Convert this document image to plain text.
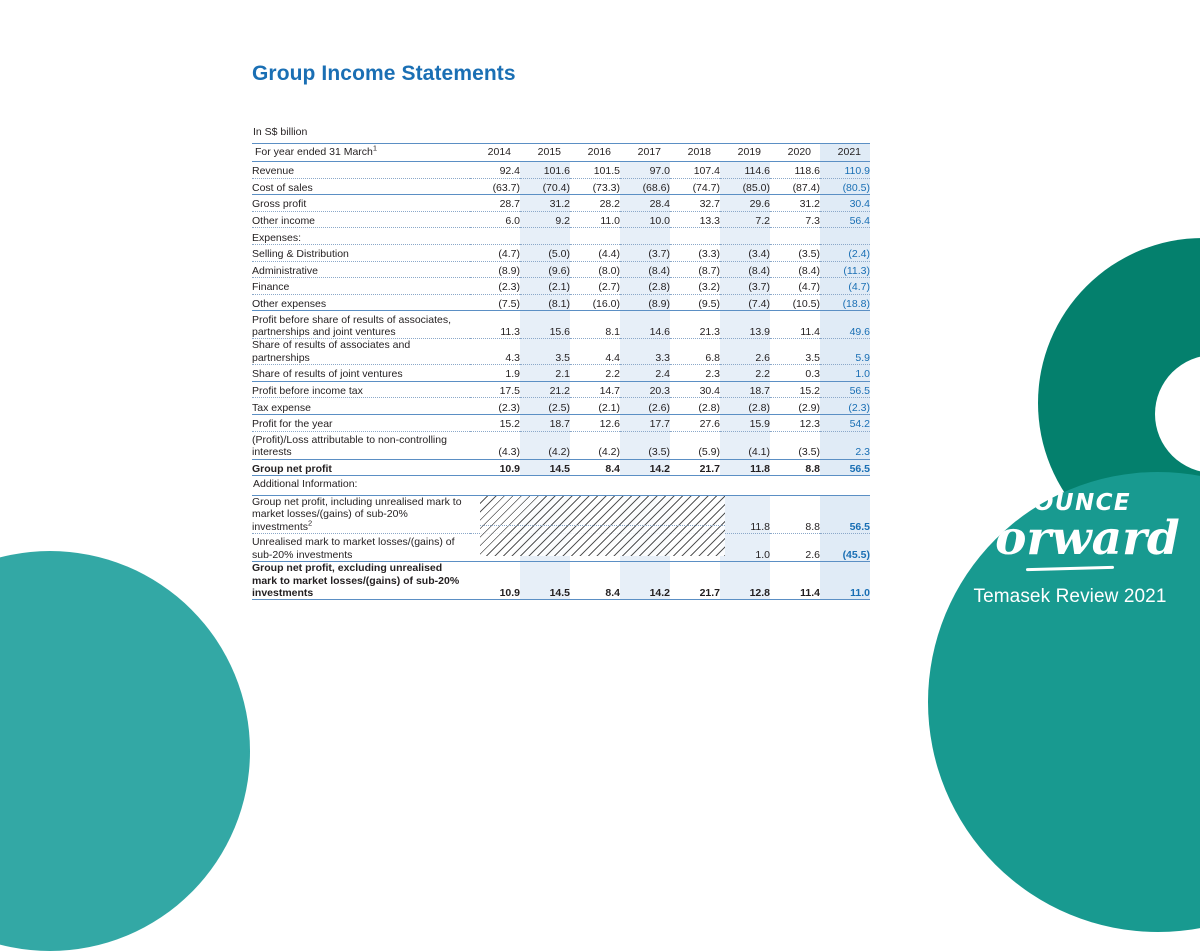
BOUNCE
Forward
Temasek Review 2021
Group Income Statements
In S$ billion
For year ended 31 March$^1$	2014	2015	2016	2017	2018	2019	2020	2021
Revenue	92.4	101.6	101.5	97.0	107.4	114.6	118.6	110.9
Cost of sales	(63.7)	(70.4)	(73.3)	(68.6)	(74.7)	(85.0)	(87.4)	(80.5)
Gross profit	28.7	31.2	28.2	28.4	32.7	29.6	31.2	30.4
Other income	6.0	9.2	11.0	10.0	13.3	7.2	7.3	56.4
Expenses:								
Selling & Distribution	(4.7)	(5.0)	(4.4)	(3.7)	(3.3)	(3.4)	(3.5)	(2.4)
Administrative	(8.9)	(9.6)	(8.0)	(8.4)	(8.7)	(8.4)	(8.4)	(11.3)
Finance	(2.3)	(2.1)	(2.7)	(2.8)	(3.2)	(3.7)	(4.7)	(4.7)
Other expenses	(7.5)	(8.1)	(16.0)	(8.9)	(9.5)	(7.4)	(10.5)	(18.8)
Profit before share of results of associates, partnerships and joint ventures	11.3	15.6	8.1	14.6	21.3	13.9	11.4	49.6
Share of results of associates and partnerships	4.3	3.5	4.4	3.3	6.8	2.6	3.5	5.9
Share of results of joint ventures	1.9	2.1	2.2	2.4	2.3	2.2	0.3	1.0
Profit before income tax	17.5	21.2	14.7	20.3	30.4	18.7	15.2	56.5
Tax expense	(2.3)	(2.5)	(2.1)	(2.6)	(2.8)	(2.8)	(2.9)	(2.3)
Profit for the year	15.2	18.7	12.6	17.7	27.6	15.9	12.3	54.2
(Profit)/Loss attributable to non-controlling interests	(4.3)	(4.2)	(4.2)	(3.5)	(5.9)	(4.1)	(3.5)	2.3
Group net profit	10.9	14.5	8.4	14.2	21.7	11.8	8.8	56.5
Additional Information:
Group net profit, including unrealised mark to market losses/(gains) of sub-20% investments$^2$						11.8	8.8	56.5
Unrealised mark to market losses/(gains) of sub-20% investments						1.0	2.6	(45.5)
Group net profit, excluding unrealised mark to market losses/(gains) of sub-20% investments	10.9	14.5	8.4	14.2	21.7	12.8	11.4	11.0
